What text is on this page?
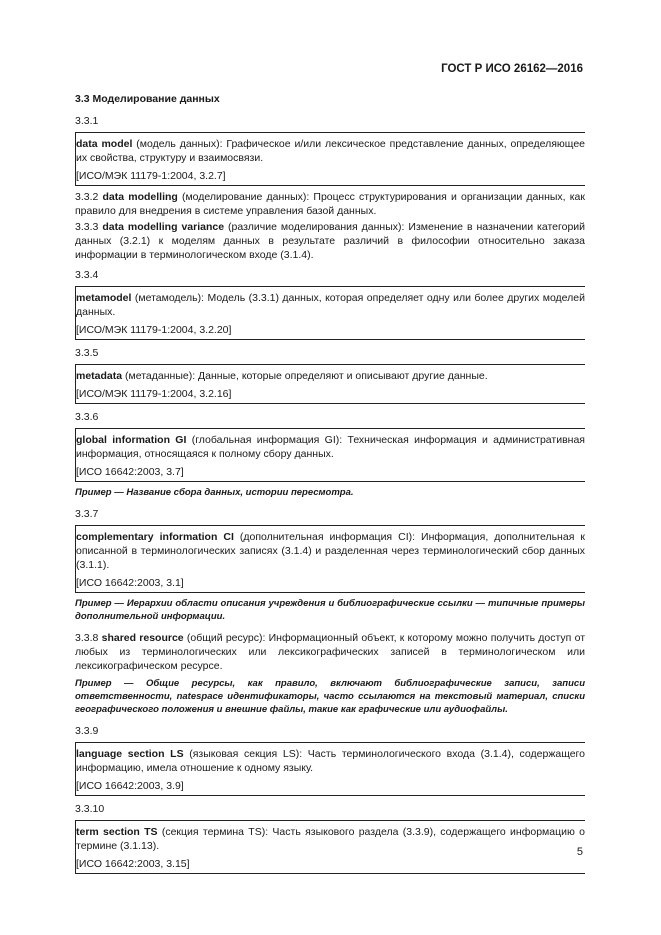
ГОСТ Р ИСО 26162—2016
3.3 Моделирование данных
3.3.1

data model (модель данных): Графическое и/или лексическое представление данных, определяющее их свойства, структуру и взаимосвязи.

[ИСО/МЭК 11179-1:2004, 3.2.7]

3.3.2 data modelling (моделирование данных): Процесс структурирования и организации данных, как правило для внедрения в системе управления базой данных.

3.3.3 data modelling variance (различие моделирования данных): Изменение в назначении категорий данных (3.2.1) к моделям данных в результате различий в философии относительно заказа информации в терминологическом входе (3.1.4).

3.3.4

metamodel (метамодель): Модель (3.3.1) данных, которая определяет одну или более других моделей данных.

[ИСО/МЭК 11179-1:2004, 3.2.20]

3.3.5

metadata (метаданные): Данные, которые определяют и описывают другие данные.

[ИСО/МЭК 11179-1:2004, 3.2.16]

3.3.6

global information GI (глобальная информация GI): Техническая информация и административная информация, относящаяся к полному сбору данных.

[ИСО 16642:2003, 3.7]

Пример — Название сбора данных, истории пересмотра.

3.3.7

complementary information CI (дополнительная информация CI): Информация, дополнительная к описанной в терминологических записях (3.1.4) и разделенная через терминологический сбор данных (3.1.1).

[ИСО 16642:2003, 3.1]

Пример — Иерархии области описания учреждения и библиографические ссылки — типичные примеры дополнительной информации.

3.3.8 shared resource (общий ресурс): Информационный объект, к которому можно получить доступ от любых из терминологических или лексикографических записей в терминологическом или лексикографическом ресурсе.

Пример — Общие ресурсы, как правило, включают библиографические записи, записи ответственности, natespace идентификаторы, часто ссылаются на текстовый материал, списки географического положения и внешние файлы, такие как графические или аудиофайлы.

3.3.9

language section LS (языковая секция LS): Часть терминологического входа (3.1.4), содержащего информацию, имела отношение к одному языку.

[ИСО 16642:2003, 3.9]

3.3.10

term section TS (секция термина TS): Часть языкового раздела (3.3.9), содержащего информацию о термине (3.1.13).

[ИСО 16642:2003, 3.15]

5
